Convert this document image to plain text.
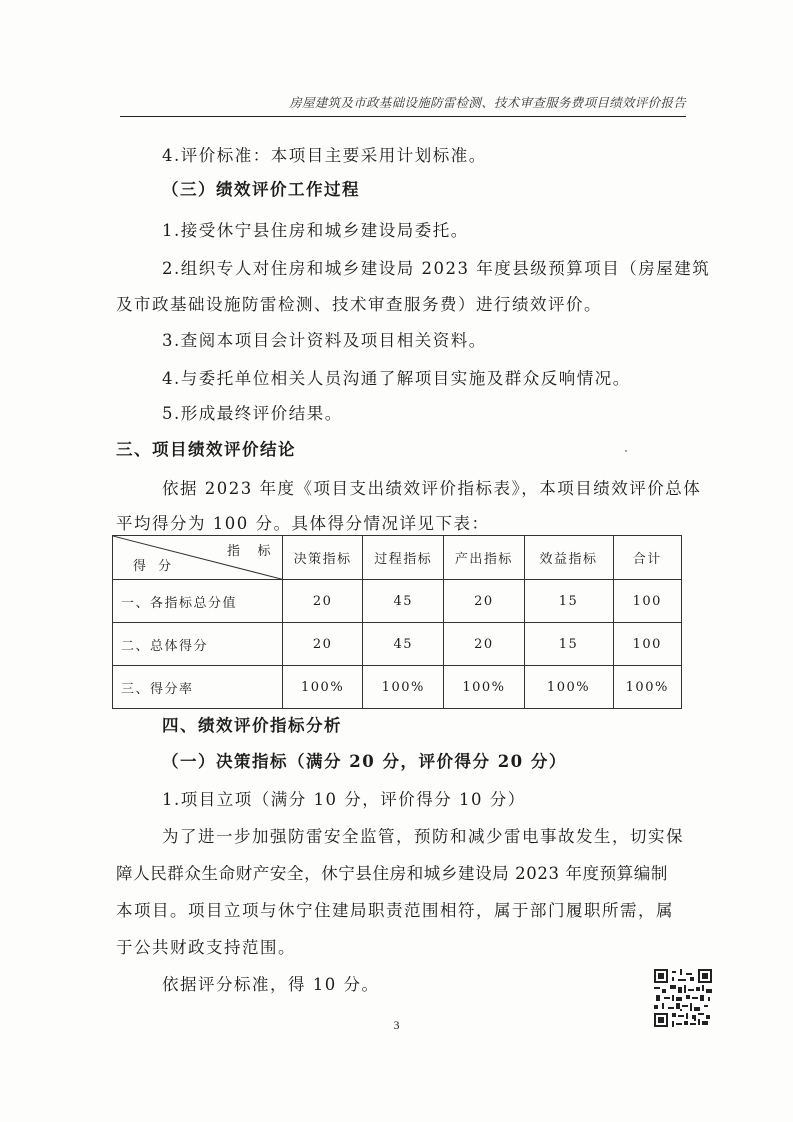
房屋建筑及市政基础设施防雷检测、技术审查服务费项目绩效评价报告
4.评价标准：本项目主要采用计划标准。
（三）绩效评价工作过程
1.接受休宁县住房和城乡建设局委托。
2.组织专人对住房和城乡建设局 2023 年度县级预算项目（房屋建筑
及市政基础设施防雷检测、技术审查服务费）进行绩效评价。
3.查阅本项目会计资料及项目相关资料。
4.与委托单位相关人员沟通了解项目实施及群众反响情况。
5.形成最终评价结果。
三、项目绩效评价结论
依据 2023 年度《项目支出绩效评价指标表》，本项目绩效评价总体
平均得分为 100 分。具体得分情况详见下表：
指 标
得分	决策指标	过程指标	产出指标	效益指标	合计
一、各指标总分值	20	45	20	15	100
二、总体得分	20	45	20	15	100
三、得分率	100%	100%	100%	100%	100%
四、绩效评价指标分析
（一）决策指标（满分 20 分，评价得分 20 分）
1.项目立项（满分 10 分，评价得分 10 分）
为了进一步加强防雷安全监管，预防和减少雷电事故发生，切实保
障人民群众生命财产安全，休宁县住房和城乡建设局 2023 年度预算编制
本项目。项目立项与休宁住建局职责范围相符，属于部门履职所需，属
于公共财政支持范围。
依据评分标准，得 10 分。
3
